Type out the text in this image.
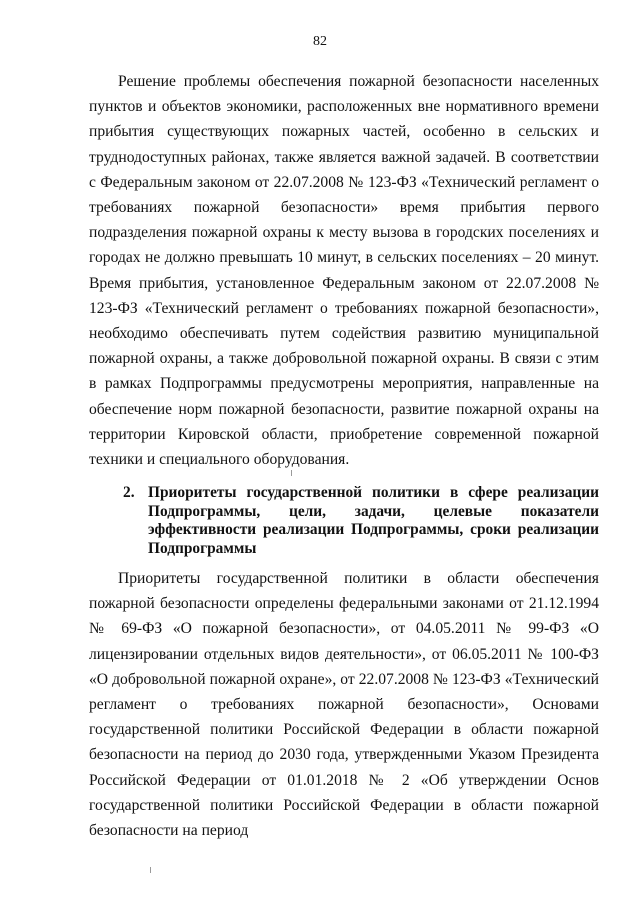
82

Решение проблемы обеспечения пожарной безопасности населенных пунктов и объектов экономики, расположенных вне нормативного времени прибытия существующих пожарных частей, особенно в сельских и труднодоступных районах, также является важной задачей. В соответствии с Федеральным законом от 22.07.2008 № 123-ФЗ «Технический регламент о требованиях пожарной безопасности» время прибытия первого подразделения пожарной охраны к месту вызова в городских поселениях и городах не должно превышать 10 минут, в сельских поселениях – 20 минут. Время прибытия, установленное Федеральным законом от 22.07.2008 № 123-ФЗ «Технический регламент о требованиях пожарной безопасности», необходимо обеспечивать путем содействия развитию муниципальной пожарной охраны, а также добровольной пожарной охраны. В связи с этим в рамках Подпрограммы предусмотрены мероприятия, направленные на обеспечение норм пожарной безопасности, развитие пожарной охраны на территории Кировской области, приобретение современной пожарной техники и специального оборудования.

2. Приоритеты государственной политики в сфере реализации Подпрограммы, цели, задачи, целевые показатели эффективности реализации Подпрограммы, сроки реализации Подпрограммы

Приоритеты государственной политики в области обеспечения пожарной безопасности определены федеральными законами от 21.12.1994 № 69-ФЗ «О пожарной безопасности», от 04.05.2011 № 99-ФЗ «О лицензировании отдельных видов деятельности», от 06.05.2011 № 100-ФЗ «О добровольной пожарной охране», от 22.07.2008 № 123-ФЗ «Технический регламент о требованиях пожарной безопасности», Основами государственной политики Российской Федерации в области пожарной безопасности на период до 2030 года, утвержденными Указом Президента Российской Федерации от 01.01.2018 № 2 «Об утверждении Основ государственной политики Российской Федерации в области пожарной безопасности на период
